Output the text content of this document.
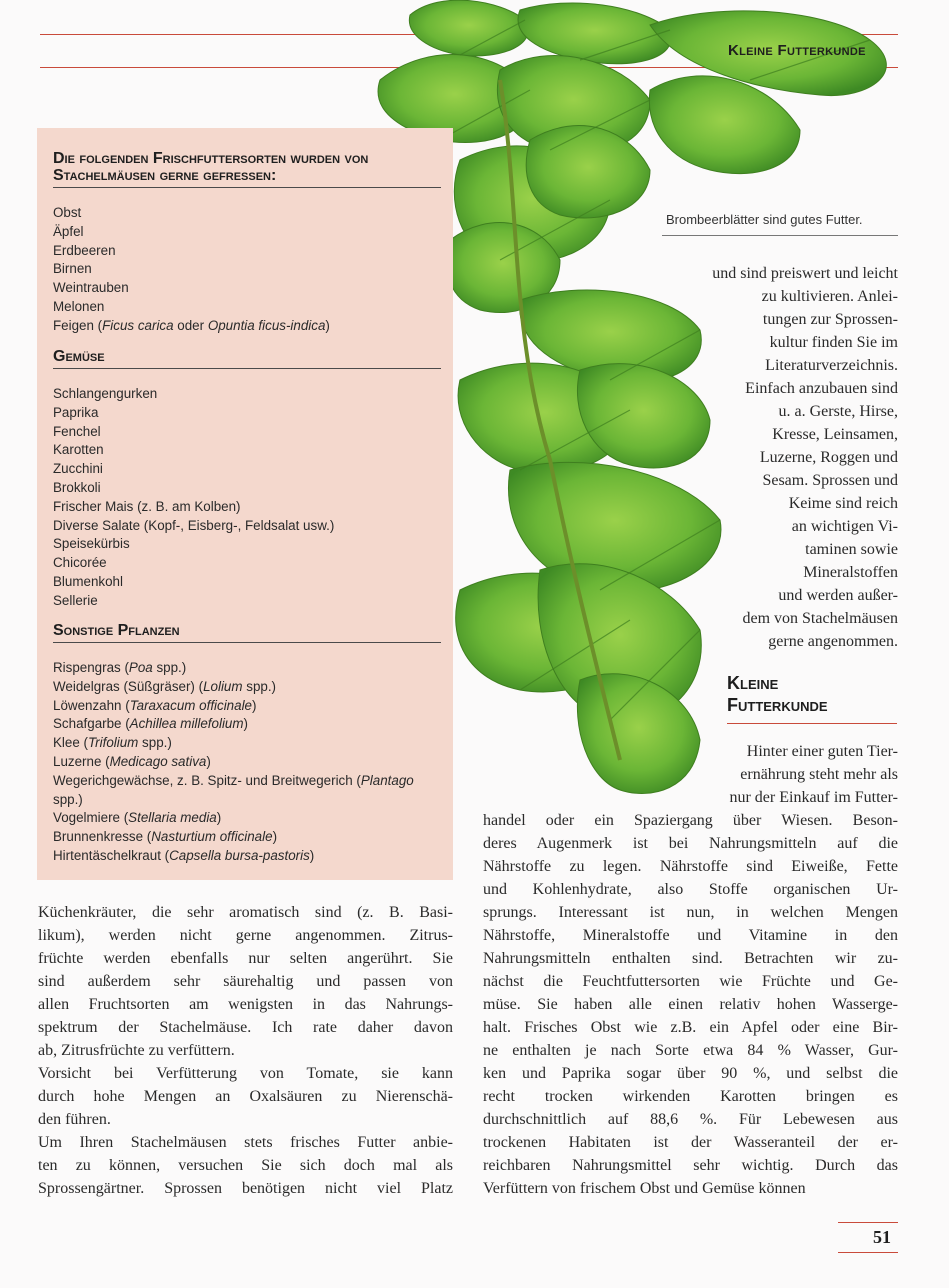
Kleine Futterkunde
Die folgenden Frischfuttersorten wurden von Stachelmäusen gerne gefressen:
Obst
Äpfel
Erdbeeren
Birnen
Weintrauben
Melonen
Feigen (Ficus carica oder Opuntia ficus-indica)
Gemüse
Schlangengurken
Paprika
Fenchel
Karotten
Zucchini
Brokkoli
Frischer Mais (z. B. am Kolben)
Diverse Salate (Kopf-, Eisberg-, Feldsalat usw.)
Speisekürbis
Chicorée
Blumenkohl
Sellerie
Sonstige Pflanzen
Rispengras (Poa spp.)
Weidelgras (Süßgräser) (Lolium spp.)
Löwenzahn (Taraxacum officinale)
Schafgarbe (Achillea millefolium)
Klee (Trifolium spp.)
Luzerne (Medicago sativa)
Wegerichgewächse, z. B. Spitz- und Breitwegerich (Plantago
spp.)
Vogelmiere (Stellaria media)
Brunnenkresse (Nasturtium officinale)
Hirtentäschelkraut (Capsella bursa-pastoris)
Brombeerblätter sind gutes Futter.
und sind preiswert und leicht
zu kultivieren. Anlei-
tungen zur Sprossen-
kultur finden Sie im
Literaturverzeichnis.
Einfach anzubauen sind
u. a. Gerste, Hirse,
Kresse, Leinsamen,
Luzerne, Roggen und
Sesam. Sprossen und
Keime sind reich
an wichtigen Vi-
taminen sowie
Mineralstoffen
und werden außer-
dem von Stachelmäusen
gerne angenommen.
Kleine
Futterkunde
Hinter einer guten Tier-
ernährung steht mehr als
nur der Einkauf im Futter-
handel oder ein Spaziergang über Wiesen. Beson-
deres Augenmerk ist bei Nahrungsmitteln auf die
Nährstoffe zu legen. Nährstoffe sind Eiweiße, Fette
und Kohlenhydrate, also Stoffe organischen Ur-
sprungs. Interessant ist nun, in welchen Mengen
Nährstoffe, Mineralstoffe und Vitamine in den
Nahrungsmitteln enthalten sind. Betrachten wir zu-
nächst die Feuchtfuttersorten wie Früchte und Ge-
müse. Sie haben alle einen relativ hohen Wasserge-
halt. Frisches Obst wie z.B. ein Apfel oder eine Bir-
ne enthalten je nach Sorte etwa 84 % Wasser, Gur-
ken und Paprika sogar über 90 %, und selbst die
recht trocken wirkenden Karotten bringen es
durchschnittlich auf 88,6 %. Für Lebewesen aus
trockenen Habitaten ist der Wasseranteil der er-
reichbaren Nahrungsmittel sehr wichtig. Durch das
Verfüttern von frischem Obst und Gemüse können
Küchenkräuter, die sehr aromatisch sind (z. B. Basi-
likum), werden nicht gerne angenommen. Zitrus-
früchte werden ebenfalls nur selten angerührt. Sie
sind außerdem sehr säurehaltig und passen von
allen Fruchtsorten am wenigsten in das Nahrungs-
spektrum der Stachelmäuse. Ich rate daher davon
ab, Zitrusfrüchte zu verfüttern.
Vorsicht bei Verfütterung von Tomate, sie kann
durch hohe Mengen an Oxalsäuren zu Nierenschä-
den führen.
Um Ihren Stachelmäusen stets frisches Futter anbie-
ten zu können, versuchen Sie sich doch mal als
Sprossengärtner. Sprossen benötigen nicht viel Platz
51
